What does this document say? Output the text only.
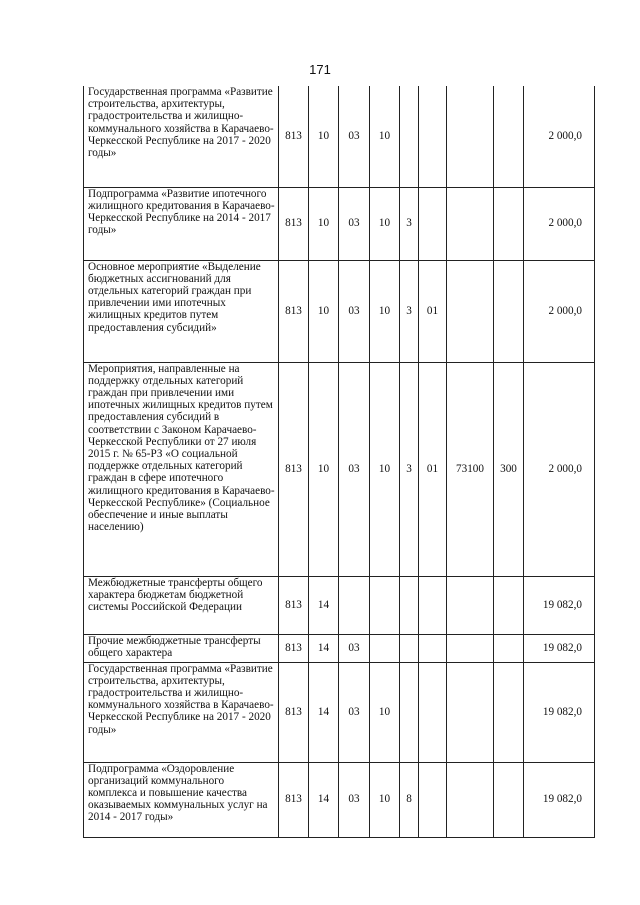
171
Государственная программа «Развитие строительства, архитектуры, градостроительства и жилищно-коммунального хозяйства в Карачаево-Черкесской Республике на 2017 - 2020 годы»	813	10	03	10					2 000,0
Подпрограмма «Развитие ипотечного жилищного кредитования в Карачаево-Черкесской Республике на 2014 - 2017 годы»	813	10	03	10	3				2 000,0
Основное мероприятие «Выделение бюджетных ассигнований для отдельных категорий граждан при привлечении ими ипотечных жилищных кредитов путем предоставления субсидий»	813	10	03	10	3	01			2 000,0
Мероприятия, направленные на поддержку отдельных категорий граждан при привлечении ими ипотечных жилищных кредитов путем предоставления субсидий в соответствии с Законом Карачаево-Черкесской Республики от 27 июля 2015 г. № 65-РЗ «О социальной поддержке отдельных категорий граждан в сфере ипотечного жилищного кредитования в Карачаево-Черкесской Республике» (Социальное обеспечение и иные выплаты населению)	813	10	03	10	3	01	73100	300	2 000,0
Межбюджетные трансферты общего характера бюджетам бюджетной системы Российской Федерации	813	14							19 082,0
Прочие межбюджетные трансферты общего характера	813	14	03						19 082,0
Государственная программа «Развитие строительства, архитектуры, градостроительства и жилищно-коммунального хозяйства в Карачаево-Черкесской Республике на 2017 - 2020 годы»	813	14	03	10					19 082,0
Подпрограмма «Оздоровление организаций коммунального комплекса и повышение качества оказываемых коммунальных услуг на 2014 - 2017 годы»	813	14	03	10	8				19 082,0
